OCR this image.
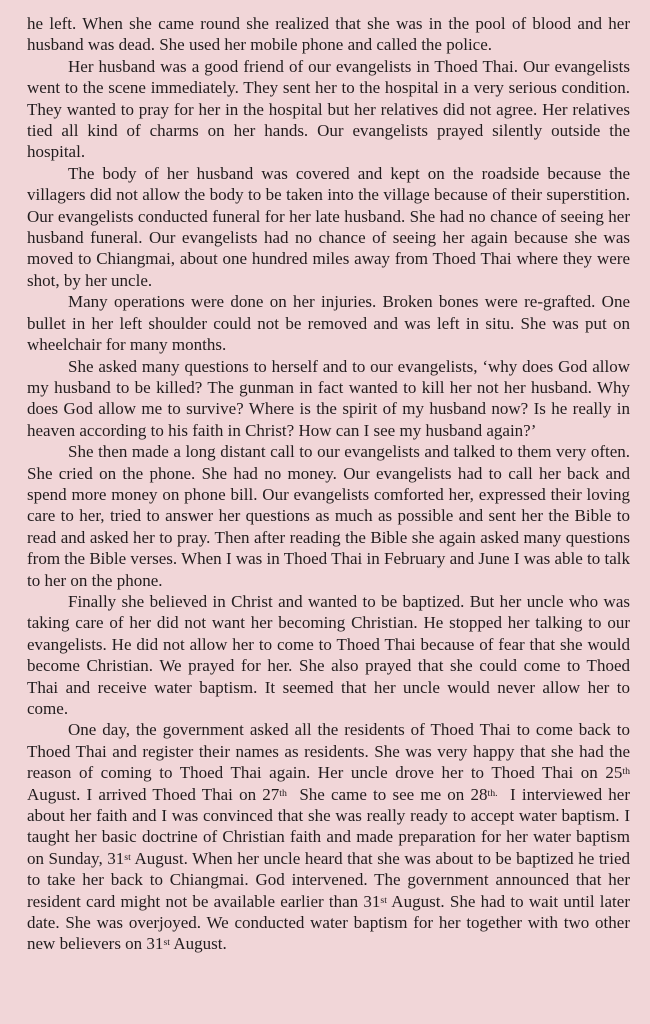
he left. When she came round she realized that she was in the pool of blood and her husband was dead. She used her mobile phone and called the police.

Her husband was a good friend of our evangelists in Thoed Thai. Our evangelists went to the scene immediately. They sent her to the hospital in a very serious condition. They wanted to pray for her in the hospital but her relatives did not agree. Her relatives tied all kind of charms on her hands. Our evangelists prayed silently outside the hospital.

The body of her husband was covered and kept on the roadside because the villagers did not allow the body to be taken into the village because of their superstition. Our evangelists conducted funeral for her late husband. She had no chance of seeing her husband funeral. Our evangelists had no chance of seeing her again because she was moved to Chiangmai, about one hundred miles away from Thoed Thai where they were shot, by her uncle.

Many operations were done on her injuries. Broken bones were re-grafted. One bullet in her left shoulder could not be removed and was left in situ. She was put on wheelchair for many months.

She asked many questions to herself and to our evangelists, ‘why does God allow my husband to be killed? The gunman in fact wanted to kill her not her husband. Why does God allow me to survive? Where is the spirit of my husband now? Is he really in heaven according to his faith in Christ? How can I see my husband again?’

She then made a long distant call to our evangelists and talked to them very often. She cried on the phone. She had no money. Our evangelists had to call her back and spend more money on phone bill. Our evangelists comforted her, expressed their loving care to her, tried to answer her questions as much as possible and sent her the Bible to read and asked her to pray. Then after reading the Bible she again asked many questions from the Bible verses. When I was in Thoed Thai in February and June I was able to talk to her on the phone.

Finally she believed in Christ and wanted to be baptized. But her uncle who was taking care of her did not want her becoming Christian. He stopped her talking to our evangelists. He did not allow her to come to Thoed Thai because of fear that she would become Christian. We prayed for her. She also prayed that she could come to Thoed Thai and receive water baptism. It seemed that her uncle would never allow her to come.

One day, the government asked all the residents of Thoed Thai to come back to Thoed Thai and register their names as residents. She was very happy that she had the reason of coming to Thoed Thai again. Her uncle drove her to Thoed Thai on 25th August. I arrived Thoed Thai on 27th  She came to see me on $28^{th.}$  I interviewed her about her faith and I was convinced that she was really ready to accept water baptism. I taught her basic doctrine of Christian faith and made preparation for her water baptism on Sunday, 31st August. When her uncle heard that she was about to be baptized he tried to take her back to Chiangmai. God intervened. The government announced that her resident card might not be available earlier than 31st August. She had to wait until later date. She was overjoyed. We conducted water baptism for her together with two other new believers on 31st August.
